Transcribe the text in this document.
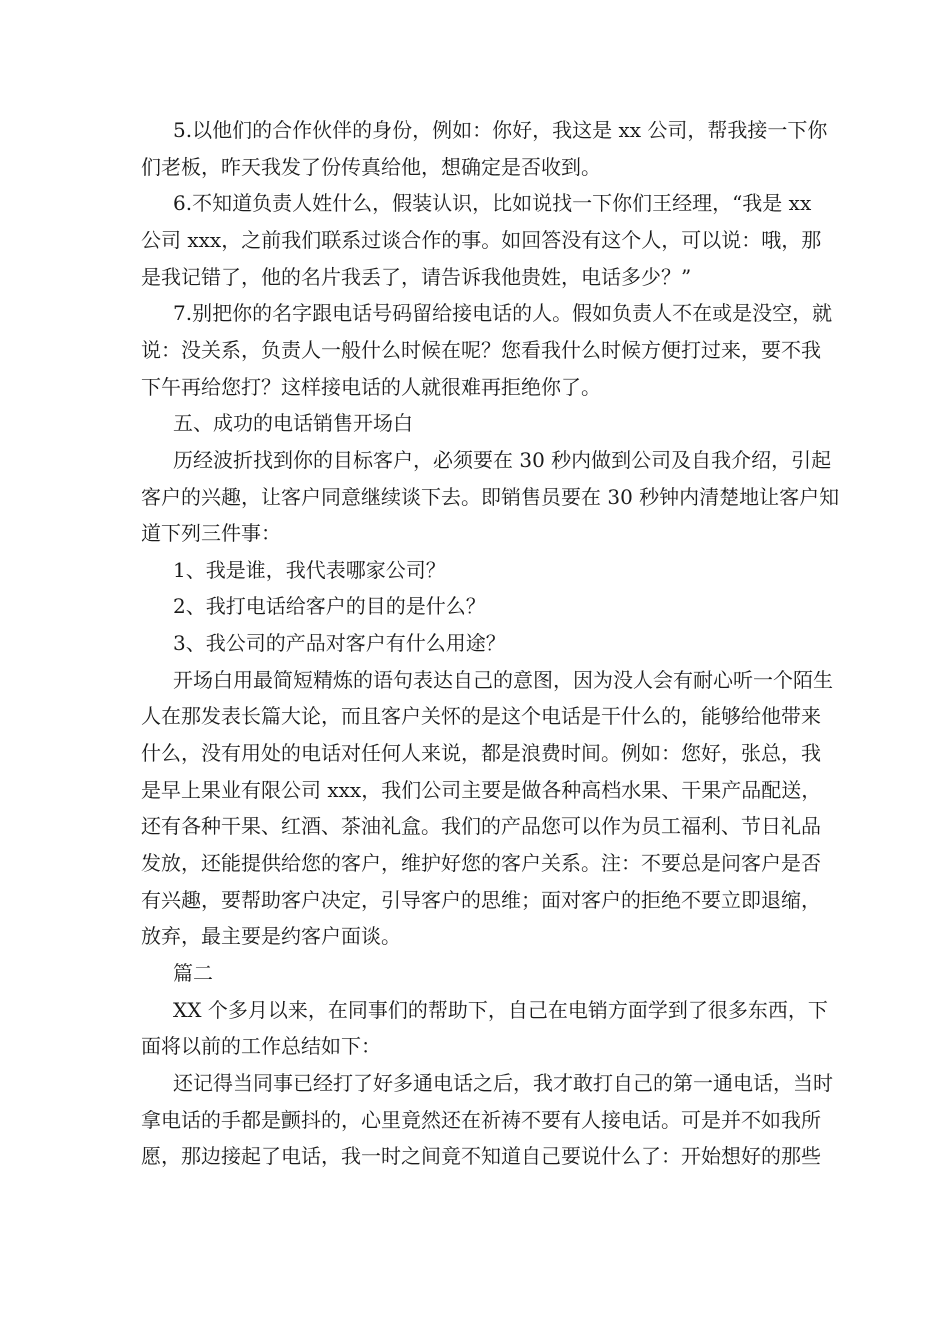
5.以他们的合作伙伴的身份，例如：你好，我这是 xx 公司，帮我接一下你
们老板，昨天我发了份传真给他，想确定是否收到。
6.不知道负责人姓什么，假装认识，比如说找一下你们王经理，“我是 xx
公司 xxx，之前我们联系过谈合作的事。如回答没有这个人，可以说：哦，那
是我记错了，他的名片我丢了，请告诉我他贵姓，电话多少？”
7.别把你的名字跟电话号码留给接电话的人。假如负责人不在或是没空，就
说：没关系，负责人一般什么时候在呢？您看我什么时候方便打过来，要不我
下午再给您打？这样接电话的人就很难再拒绝你了。
五、成功的电话销售开场白
历经波折找到你的目标客户，必须要在 30 秒内做到公司及自我介绍，引起
客户的兴趣，让客户同意继续谈下去。即销售员要在 30 秒钟内清楚地让客户知
道下列三件事：
1、我是谁，我代表哪家公司？
2、我打电话给客户的目的是什么？
3、我公司的产品对客户有什么用途？
开场白用最简短精炼的语句表达自己的意图，因为没人会有耐心听一个陌生
人在那发表长篇大论，而且客户关怀的是这个电话是干什么的，能够给他带来
什么，没有用处的电话对任何人来说，都是浪费时间。例如：您好，张总，我
是早上果业有限公司 xxx，我们公司主要是做各种高档水果、干果产品配送，
还有各种干果、红酒、茶油礼盒。我们的产品您可以作为员工福利、节日礼品
发放，还能提供给您的客户，维护好您的客户关系。注：不要总是问客户是否
有兴趣，要帮助客户决定，引导客户的思维；面对客户的拒绝不要立即退缩，
放弃，最主要是约客户面谈。
篇二
XX 个多月以来，在同事们的帮助下，自己在电销方面学到了很多东西，下
面将以前的工作总结如下：
还记得当同事已经打了好多通电话之后，我才敢打自己的第一通电话，当时
拿电话的手都是颤抖的，心里竟然还在祈祷不要有人接电话。可是并不如我所
愿，那边接起了电话，我一时之间竟不知道自己要说什么了：开始想好的那些
